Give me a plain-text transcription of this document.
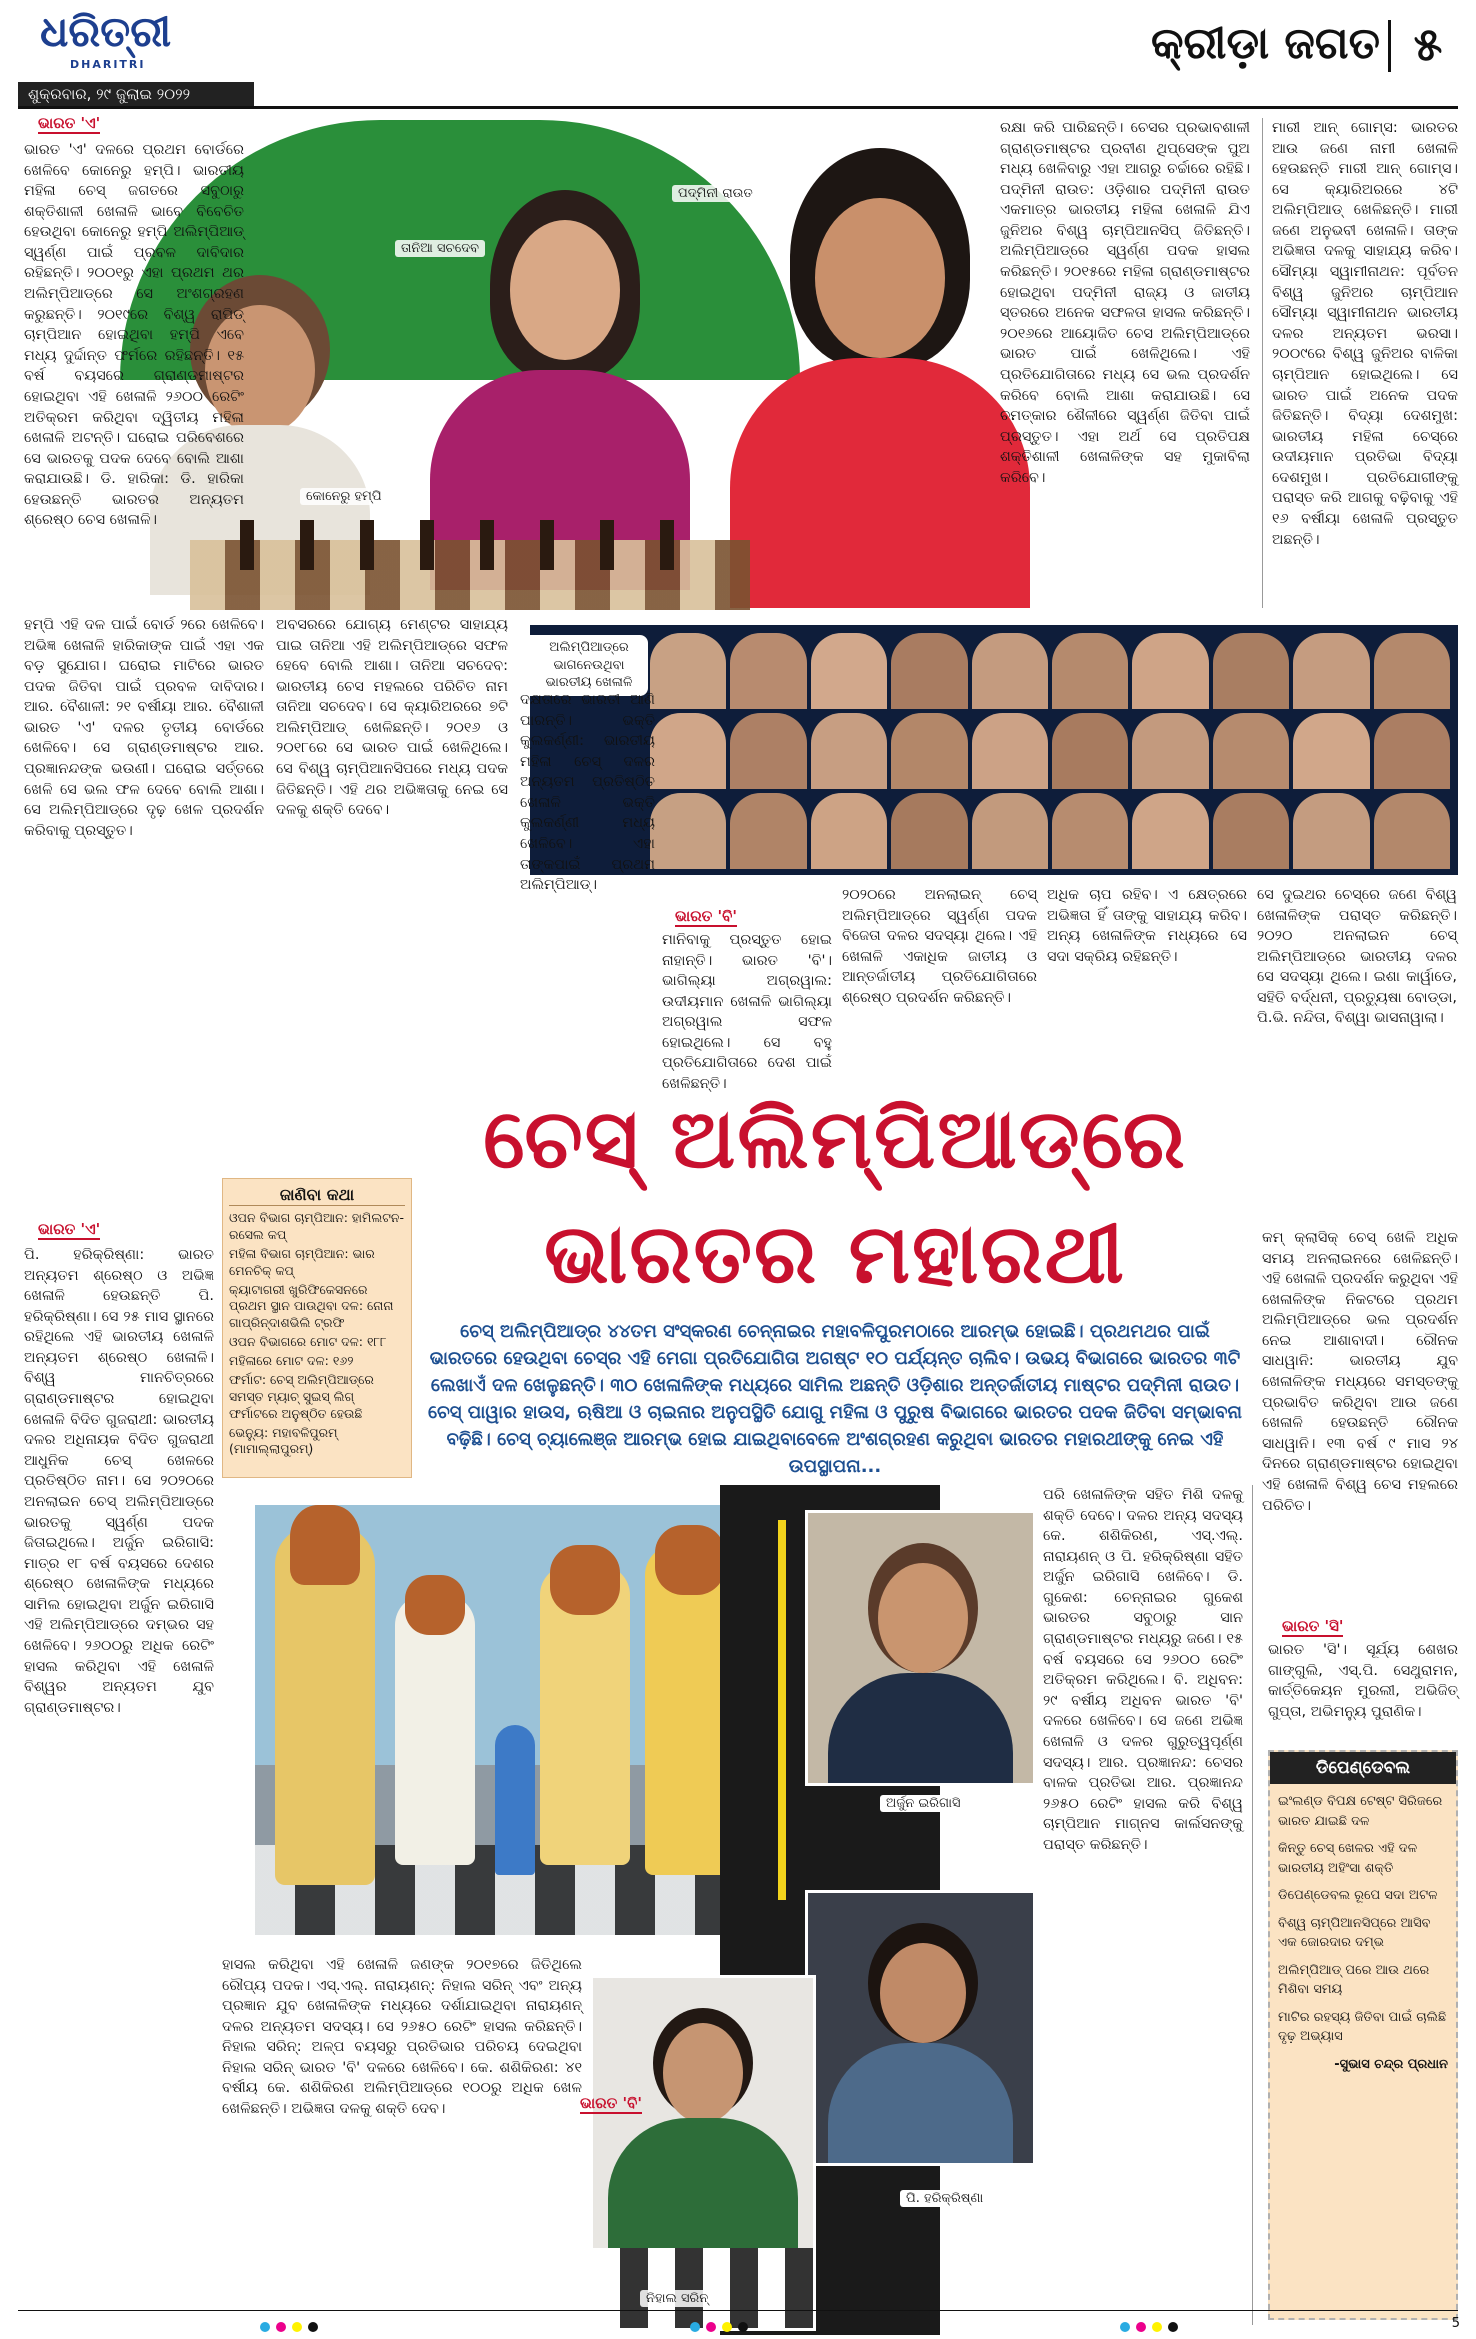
ଧରିତ୍ରୀ
DHARITRI
ଶୁକ୍ରବାର, ୨୯ ଜୁଲାଇ ୨୦୨୨
କ୍ରୀଡ଼ା ଜଗତ ୫
କୋନେରୁ ହମ୍ପି
ତାନିଆ ସଚଦେବ
ପଦ୍ମିନୀ ରାଉତ
ଭାରତ 'ଏ'
ଭାରତ 'ଏ' ଦଳରେ ପ୍ରଥମ ବୋର୍ଡରେ ଖେଳିବେ କୋନେରୁ ହମ୍ପି। ଭାରତୀୟ ମହିଳା ଚେସ୍ ଜଗତରେ ସବୁଠାରୁ ଶକ୍ତିଶାଳୀ ଖେଳାଳି ଭାବେ ବିବେଚିତ ହେଉଥିବା କୋନେରୁ ହମ୍ପି ଅଲିମ୍ପିଆଡ୍ ସ୍ୱର୍ଣ୍ଣ ପାଇଁ ପ୍ରବଳ ଦାବିଦାର ରହିଛନ୍ତି। ୨୦୦୧ରୁ ଏହା ପ୍ରଥମ ଥର ଅଲିମ୍ପିଆଡ୍‌ରେ ସେ ଅଂଶଗ୍ରହଣ କରୁଛନ୍ତି। ୨୦୧୯ରେ ବିଶ୍ୱ ରାପିଡ୍ ଚାମ୍ପିଆନ ହୋଇଥିବା ହମ୍ପି ଏବେ ମଧ୍ୟ ଦୁର୍ଦ୍ଦାନ୍ତ ଫର୍ମରେ ରହିଛନ୍ତି। ୧୫ ବର୍ଷ ବୟସରେ ଗ୍ରାଣ୍ଡମାଷ୍ଟର ହୋଇଥିବା ଏହି ଖେଳାଳି ୨୬୦୦ ରେଟିଂ ଅତିକ୍ରମ କରିଥିବା ଦ୍ୱିତୀୟ ମହିଳା ଖେଳାଳି ଅଟନ୍ତି। ଘରୋଇ ପରିବେଶରେ ସେ ଭାରତକୁ ପଦକ ଦେବେ ବୋଲି ଆଶା କରାଯାଉଛି। ଡି. ହାରିକା: ଡି. ହାରିକା ହେଉଛନ୍ତି ଭାରତର ଅନ୍ୟତମ ଶ୍ରେଷ୍ଠ ଚେସ ଖେଳାଳି।
ରକ୍ଷା କରି ପାରିଛନ୍ତି। ଚେସର ପ୍ରଭାବଶାଳୀ ଗ୍ରାଣ୍ଡମାଷ୍ଟର ପ୍ରବୀଣ ଥିପ୍‌ସେଙ୍କ ପୁଅ ମଧ୍ୟ ଖେଳିବାରୁ ଏହା ଆଗରୁ ଚର୍ଚ୍ଚାରେ ରହିଛି। ପଦ୍ମିନୀ ରାଉତ: ଓଡ଼ିଶାର ପଦ୍ମିନୀ ରାଉତ ଏକମାତ୍ର ଭାରତୀୟ ମହିଳା ଖେଳାଳି ଯିଏ ଜୁନିଅର ବିଶ୍ୱ ଚାମ୍ପିଆନସିପ୍ ଜିତିଛନ୍ତି। ଅଲିମ୍ପିଆଡ୍‌ରେ ସ୍ୱର୍ଣ୍ଣ ପଦକ ହାସଲ କରିଛନ୍ତି। ୨୦୧୫ରେ ମହିଳା ଗ୍ରାଣ୍ଡମାଷ୍ଟର ହୋଇଥିବା ପଦ୍ମିନୀ ରାଜ୍ୟ ଓ ଜାତୀୟ ସ୍ତରରେ ଅନେକ ସଫଳତା ହାସଲ କରିଛନ୍ତି। ୨୦୧୬ରେ ଆୟୋଜିତ ଚେସ ଅଲିମ୍ପିଆଡ୍‌ରେ ଭାରତ ପାଇଁ ଖେଳିଥିଲେ। ଏହି ପ୍ରତିଯୋଗିତାରେ ମଧ୍ୟ ସେ ଭଲ ପ୍ରଦର୍ଶନ କରିବେ ବୋଲି ଆଶା କରାଯାଉଛି। ସେ ଚମତ୍କାର ଶୈଳୀରେ ସ୍ୱର୍ଣ୍ଣ ଜିତିବା ପାଇଁ ପ୍ରସ୍ତୁତ। ଏହା ଅର୍ଥ ସେ ପ୍ରତିପକ୍ଷ ଶକ୍ତିଶାଳୀ ଖେଳାଳିଙ୍କ ସହ ମୁକାବିଲା କରିବେ।
ମାରୀ ଆନ୍ ଗୋମ୍ସ: ଭାରତର ଆଉ ଜଣେ ନାମୀ ଖେଳାଳି ହେଉଛନ୍ତି ମାରୀ ଆନ୍ ଗୋମ୍ସ। ସେ କ୍ୟାରିଅରରେ ୪ଟି ଅଲିମ୍ପିଆଡ୍ ଖେଳିଛନ୍ତି। ମାରୀ ଜଣେ ଅନୁଭବୀ ଖେଳାଳି। ତାଙ୍କ ଅଭିଜ୍ଞତା ଦଳକୁ ସାହାଯ୍ୟ କରିବ। ସୌମ୍ୟା ସ୍ୱାମୀନାଥନ: ପୂର୍ବତନ ବିଶ୍ୱ ଜୁନିଅର ଚାମ୍ପିଆନ ସୌମ୍ୟା ସ୍ୱାମୀନାଥନ ଭାରତୀୟ ଦଳର ଅନ୍ୟତମ ଭରସା। ୨୦୦୯ରେ ବିଶ୍ୱ ଜୁନିଅର ବାଳିକା ଚାମ୍ପିଆନ ହୋଇଥିଲେ। ସେ ଭାରତ ପାଇଁ ଅନେକ ପଦକ ଜିତିଛନ୍ତି। ବିଦ୍ୟା ଦେଶମୁଖ: ଭାରତୀୟ ମହିଳା ଚେସ୍‌ରେ ଉଦୀୟମାନ ପ୍ରତିଭା ବିଦ୍ୟା ଦେଶମୁଖ। ପ୍ରତିଯୋଗୀଙ୍କୁ ପରାସ୍ତ କରି ଆଗକୁ ବଢ଼ିବାକୁ ଏହି ୧୬ ବର୍ଷୀୟା ଖେଳାଳି ପ୍ରସ୍ତୁତ ଅଛନ୍ତି।
ଅଲିମ୍ପିଆଡ୍‌ରେ ଭାଗନେଉଥିବା ଭାରତୀୟ ଖେଳାଳି
ହମ୍ପି ଏହି ଦଳ ପାଇଁ ବୋର୍ଡ ୨ରେ ଖେଳିବେ। ଅଭିଜ୍ଞ ଖେଳାଳି ହାରିକାଙ୍କ ପାଇଁ ଏହା ଏକ ବଡ଼ ସୁଯୋଗ। ଘରୋଇ ମାଟିରେ ଭାରତ ପଦକ ଜିତିବା ପାଇଁ ପ୍ରବଳ ଦାବିଦାର। ଆର. ବୈଶାଳୀ: ୨୧ ବର୍ଷୀୟା ଆର. ବୈଶାଳୀ ଭାରତ 'ଏ' ଦଳର ତୃତୀୟ ବୋର୍ଡରେ ଖେଳିବେ। ସେ ଗ୍ରାଣ୍ଡମାଷ୍ଟର ଆର. ପ୍ରଜ୍ଞାନନ୍ଦଙ୍କ ଭଉଣୀ। ଘରୋଇ ସର୍ତ୍ତରେ ଖେଳି ସେ ଭଲ ଫଳ ଦେବେ ବୋଲି ଆଶା। ସେ ଅଲିମ୍ପିଆଡ୍‌ରେ ଦୃଢ଼ ଖେଳ ପ୍ରଦର୍ଶନ କରିବାକୁ ପ୍ରସ୍ତୁତ।
ଅବସରରେ ଯୋଗ୍ୟ ମେଣ୍ଟର ସାହାଯ୍ୟ ପାଇ ତାନିଆ ଏହି ଅଲିମ୍ପିଆଡ୍‌ରେ ସଫଳ ହେବେ ବୋଲି ଆଶା। ତାନିଆ ସଚଦେବ: ଭାରତୀୟ ଚେସ ମହଲରେ ପରିଚିତ ନାମ ତାନିଆ ସଚଦେବ। ସେ କ୍ୟାରିଅରରେ ୭ଟି ଅଲିମ୍ପିଆଡ୍ ଖେଳିଛନ୍ତି। ୨୦୧୬ ଓ ୨୦୧୮ରେ ସେ ଭାରତ ପାଇଁ ଖେଳିଥିଲେ। ସେ ବିଶ୍ୱ ଚାମ୍ପିଆନସିପରେ ମଧ୍ୟ ପଦକ ଜିତିଛନ୍ତି। ଏହି ଥର ଅଭିଜ୍ଞତାକୁ ନେଇ ସେ ଦଳକୁ ଶକ୍ତି ଦେବେ।
ଦକ୍ଷତାରେ ଭାରତୀ ଆଣି ପାରନ୍ତି। ଭକ୍ତି କୁଲକର୍ଣ୍ଣୀ: ଭାରତୀୟ ମହିଳା ଚେସ୍ ଦଳର ଅନ୍ୟତମ ପ୍ରତିଷ୍ଠିତ ଖେଳାଳି ଭକ୍ତି କୁଲକର୍ଣ୍ଣୀ ମଧ୍ୟ ଖେଳିବେ। ଏହା ତାଙ୍କପାଇଁ ପ୍ରଥମ ଅଲିମ୍ପିଆଡ୍।
ଭାରତ 'ବି'
ମାନିବାକୁ ପ୍ରସ୍ତୁତ ହୋଇ ନାହାନ୍ତି। ଭାରତ 'ବି'। ଭାଗିଲ୍ୟା ଅଗ୍ରୱାଲ: ଉଦୀୟମାନ ଖେଳାଳି ଭାଗିଲ୍ୟା ଅଗ୍ରୱାଲ ସଫଳ ହୋଇଥିଲେ। ସେ ବହୁ ପ୍ରତିଯୋଗିତାରେ ଦେଶ ପାଇଁ ଖେଳିଛନ୍ତି।
୨୦୨୦ରେ ଅନଲାଇନ୍ ଚେସ୍ ଅଲିମ୍ପିଆଡ୍‌ରେ ସ୍ୱର୍ଣ୍ଣ ପଦକ ବିଜେତା ଦଳର ସଦସ୍ୟା ଥିଲେ। ଏହି ଖେଳାଳି ଏକାଧିକ ଜାତୀୟ ଓ ଆନ୍ତର୍ଜାତୀୟ ପ୍ରତିଯୋଗିତାରେ ଶ୍ରେଷ୍ଠ ପ୍ରଦର୍ଶନ କରିଛନ୍ତି।
ଅଧିକ ଚାପ ରହିବ। ଏ କ୍ଷେତ୍ରରେ ଅଭିଜ୍ଞତା ହିଁ ତାଙ୍କୁ ସାହାଯ୍ୟ କରିବ। ଅନ୍ୟ ଖେଳାଳିଙ୍କ ମଧ୍ୟରେ ସେ ସଦା ସକ୍ରିୟ ରହିଛନ୍ତି।
ସେ ଦୁଇଥର ଚେସ୍‌ରେ ଜଣେ ବିଶ୍ୱ ଖେଳାଳିଙ୍କ ପରାସ୍ତ କରିଛନ୍ତି। ୨୦୨୦ ଅନଲାଇନ ଚେସ୍ ଅଲିମ୍ପିଆଡ୍‌ରେ ଭାରତୀୟ ଦଳର ସେ ସଦସ୍ୟା ଥିଲେ। ଇଶା କାର୍ୱାଡେ, ସହିତି ବର୍ଦ୍ଧନୀ, ପ୍ରତ୍ୟୁଷା ବୋଡ୍ଡା, ପି.ଭି. ନନ୍ଦିତା, ବିଶ୍ୱା ଭାସନାୱାଲା।
ଚେସ୍ ଅଲିମ୍ପିଆଡ୍‌ରେ
ଭାରତର ମହାରଥୀ
ଜାଣିବା କଥା
ଓପନ ବିଭାଗ ଚାମ୍ପିଆନ: ହାମିଲଟନ-ରସେଲ କପ୍
ମହିଳା ବିଭାଗ ଚାମ୍ପିଆନ: ଭାର ମେନଚିକ୍ କପ୍
କ୍ୟାଟାଗରୀ ଖୁରିଫିକେସନରେ ପ୍ରଥମ ସ୍ଥାନ ପାଉଥିବା ଦଳ: ନୋନା ଗାପ୍ରିନ୍‌ଦାଶଭିଲି ଟ୍ରଫି
ଓପନ ବିଭାଗରେ ମୋଟ ଦଳ: ୧୮୮
ମହିଳାରେ ମୋଟ ଦଳ: ୧୬୨
ଫର୍ମାଟ: ଚେସ୍ ଅଲିମ୍ପିଆଡ୍‌ରେ ସମସ୍ତ ମ୍ୟାଚ୍ ସୁଇସ୍ ଲିଗ୍ ଫର୍ମାଟରେ ଅନୁଷ୍ଠିତ ହେଉଛି
ଭେନ୍ୟୁ: ମହାବଳିପୁରମ୍ (ମାମାଲ୍ଲାପୁରମ୍)
ଚେସ୍ ଅଲିମ୍ପିଆଡ୍‌ର ୪୪ତମ ସଂସ୍କରଣ ଚେନ୍ନାଇର ମହାବଳିପୁରମଠାରେ ଆରମ୍ଭ ହୋଇଛି। ପ୍ରଥମଥର ପାଇଁ ଭାରତରେ ହେଉଥିବା ଚେସ୍‌ର ଏହି ମେଗା ପ୍ରତିଯୋଗିତା ଅଗଷ୍ଟ ୧୦ ପର୍ଯ୍ୟନ୍ତ ଚାଲିବ। ଉଭୟ ବିଭାଗରେ ଭାରତର ୩ଟି ଲେଖାଏଁ ଦଳ ଖେଳୁଛନ୍ତି। ୩୦ ଖେଳାଳିଙ୍କ ମଧ୍ୟରେ ସାମିଲ ଅଛନ୍ତି ଓଡ଼ିଶାର ଅନ୍ତର୍ଜାତୀୟ ମାଷ୍ଟର ପଦ୍ମିନୀ ରାଉତ। ଚେସ୍ ପାୱାର ହାଉସ, ଋଷିଆ ଓ ଚାଇନାର ଅନୁପସ୍ଥିତି ଯୋଗୁ ମହିଳା ଓ ପୁରୁଷ ବିଭାଗରେ ଭାରତର ପଦକ ଜିତିବା ସମ୍ଭାବନା ବଢ଼ିଛି। ଚେସ୍ ଚ୍ୟାଲେଞ୍ଜ ଆରମ୍ଭ ହୋଇ ଯାଇଥିବାବେଳେ ଅଂଶଗ୍ରହଣ କରୁଥିବା ଭାରତର ମହାରଥୀଙ୍କୁ ନେଇ ଏହି ଉପସ୍ଥାପନା...
ଭାରତ 'ଏ'
ପି. ହରିକ୍ରିଷ୍ଣା: ଭାରତ ଅନ୍ୟତମ ଶ୍ରେଷ୍ଠ ଓ ଅଭିଜ୍ଞ ଖେଳାଳି ହେଉଛନ୍ତି ପି. ହରିକ୍ରିଷ୍ଣା। ସେ ୨୫ ମାସ ସ୍ଥାନରେ ରହିଥିଲେ ଏହି ଭାରତୀୟ ଖେଳାଳି ଅନ୍ୟତମ ଶ୍ରେଷ୍ଠ ଖେଳାଳି। ବିଶ୍ୱ ମାନଚିତ୍ରରେ ଗ୍ରାଣ୍ଡମାଷ୍ଟର ହୋଇଥିବା ଖେଳାଳି ବିଦିତ ଗୁଜରାଥୀ: ଭାରତୀୟ ଦଳର ଅଧିନାୟକ ବିଦିତ ଗୁଜରାଥୀ ଆଧୁନିକ ଚେସ୍ ଖେଳରେ ପ୍ରତିଷ୍ଠିତ ନାମ। ସେ ୨୦୨୦ରେ ଅନଲାଇନ ଚେସ୍ ଅଲିମ୍ପିଆଡ୍‌ରେ ଭାରତକୁ ସ୍ୱର୍ଣ୍ଣ ପଦକ ଜିତାଇଥିଲେ। ଅର୍ଜୁନ ଇରିଗାସି: ମାତ୍ର ୧୮ ବର୍ଷ ବୟସରେ ଦେଶର ଶ୍ରେଷ୍ଠ ଖେଳାଳିଙ୍କ ମଧ୍ୟରେ ସାମିଲ ହୋଇଥିବା ଅର୍ଜୁନ ଇରିଗାସି ଏହି ଅଲିମ୍ପିଆଡ୍‌ରେ ଦମ୍ଭର ସହ ଖେଳିବେ। ୨୬୦୦ରୁ ଅଧିକ ରେଟିଂ ହାସଲ କରିଥିବା ଏହି ଖେଳାଳି ବିଶ୍ୱର ଅନ୍ୟତମ ଯୁବ ଗ୍ରାଣ୍ଡମାଷ୍ଟର।
ଅର୍ଜୁନ ଇରିଗାସି
ପି. ହରିକ୍ରିଷ୍ଣା
ନିହାଲ ସରିନ୍
ହାସଲ କରିଥିବା ଏହି ଖେଳାଳି ଜଣଙ୍କ ୨୦୧୭ରେ ଜିତିଥିଲେ ରୌପ୍ୟ ପଦକ। ଏସ୍.ଏଲ୍. ନାରାୟଣନ୍: ନିହାଲ ସରିନ୍ ଏବଂ ଅନ୍ୟ ପ୍ରଜ୍ଞାନ ଯୁବ ଖେଳାଳିଙ୍କ ମଧ୍ୟରେ ଦର୍ଶାଯାଇଥିବା ନାରାୟଣନ୍ ଦଳର ଅନ୍ୟତମ ସଦସ୍ୟ। ସେ ୨୬୫୦ ରେଟିଂ ହାସଲ କରିଛନ୍ତି। ନିହାଲ ସରିନ୍: ଅଳ୍ପ ବୟସରୁ ପ୍ରତିଭାର ପରିଚୟ ଦେଇଥିବା ନିହାଲ ସରିନ୍ ଭାରତ 'ବି' ଦଳରେ ଖେଳିବେ। କେ. ଶଶିକିରଣ: ୪୧ ବର୍ଷୀୟ କେ. ଶଶିକିରଣ ଅଲିମ୍ପିଆଡ୍‌ରେ ୧୦୦ରୁ ଅଧିକ ଖେଳ ଖେଳିଛନ୍ତି। ଅଭିଜ୍ଞତା ଦଳକୁ ଶକ୍ତି ଦେବ।	ଭାରତ 'ବି'
ପରି ଖେଳାଳିଙ୍କ ସହିତ ମିଶି ଦଳକୁ ଶକ୍ତି ଦେବେ। ଦଳର ଅନ୍ୟ ସଦସ୍ୟ କେ. ଶଶିକିରଣ, ଏସ୍.ଏଲ୍. ନାରାୟଣନ୍ ଓ ପି. ହରିକ୍ରିଷ୍ଣା ସହିତ ଅର୍ଜୁନ ଇରିଗାସି ଖେଳିବେ। ଡି. ଗୁକେଶ: ଚେନ୍ନାଇର ଗୁକେଶ ଭାରତର ସବୁଠାରୁ ସାନ ଗ୍ରାଣ୍ଡମାଷ୍ଟର ମଧ୍ୟରୁ ଜଣେ। ୧୫ ବର୍ଷ ବୟସରେ ସେ ୨୬୦୦ ରେଟିଂ ଅତିକ୍ରମ କରିଥିଲେ। ବି. ଅଧିବନ: ୨୯ ବର୍ଷୀୟ ଅଧିବନ ଭାରତ 'ବି' ଦଳରେ ଖେଳିବେ। ସେ ଜଣେ ଅଭିଜ୍ଞ ଖେଳାଳି ଓ ଦଳର ଗୁରୁତ୍ୱପୂର୍ଣ୍ଣ ସଦସ୍ୟ। ଆର. ପ୍ରଜ୍ଞାନନ୍ଦ: ଚେସର ବାଳକ ପ୍ରତିଭା ଆର. ପ୍ରଜ୍ଞାନନ୍ଦ ୨୬୫୦ ରେଟିଂ ହାସଲ କରି ବିଶ୍ୱ ଚାମ୍ପିଆନ ମାଗ୍ନସ କାର୍ଲସନଙ୍କୁ ପରାସ୍ତ କରିଛନ୍ତି।
କମ୍ କ୍ଲାସିକ୍ ଚେସ୍ ଖେଳି ଅଧିକ ସମୟ ଅନଲାଇନରେ ଖେଳିଛନ୍ତି। ଏହି ଖେଳାଳି ପ୍ରଦର୍ଶନ କରୁଥିବା ଏହି ଖେଳାଳିଙ୍କ ନିକଟରେ ପ୍ରଥମ ଅଲିମ୍ପିଆଡ୍‌ରେ ଭଲ ପ୍ରଦର୍ଶନ ନେଇ ଆଶାବାଦୀ। ରୌନକ ସାଧୱାନି: ଭାରତୀୟ ଯୁବ ଖେଳାଳିଙ୍କ ମଧ୍ୟରେ ସମସ୍ତଙ୍କୁ ପ୍ରଭାବିତ କରିଥିବା ଆଉ ଜଣେ ଖେଳାଳି ହେଉଛନ୍ତି ରୌନକ ସାଧୱାନି। ୧୩ ବର୍ଷ ୯ ମାସ ୨୪ ଦିନରେ ଗ୍ରାଣ୍ଡମାଷ୍ଟର ହୋଇଥିବା ଏହି ଖେଳାଳି ବିଶ୍ୱ ଚେସ ମହଲରେ ପରିଚିତ।
ଭାରତ 'ସି'
ଭାରତ 'ସି'। ସୂର୍ଯ୍ୟ ଶେଖର ଗାଙ୍ଗୁଲି, ଏସ୍.ପି. ସେଥୁରାମନ, କାର୍ତ୍ତିକେୟନ ମୁରଲୀ, ଅଭିଜିତ୍ ଗୁପ୍ତା, ଅଭିମନ୍ୟୁ ପୁରାଣିକ।
ଡିପେଣ୍ଡେବଲ
ଇଂଲଣ୍ଡ ବିପକ୍ଷ ଟେଷ୍ଟ ସିରିଜରେ ଭାରତ ଯାଇଛି ଦଳ
କିନ୍ତୁ ଚେସ୍ ଖେଳର ଏହି ଦଳ ଭାରତୀୟ ଅହିଂସା ଶକ୍ତି
ଡିପେଣ୍ଡେବଲ ରୂପେ ସଦା ଅଟଳ
ବିଶ୍ୱ ଚାମ୍ପିଆନସିପ୍‌ରେ ଆସିବ ଏକ ଜୋରଦାର ଦମ୍ଭ
ଅଲିମ୍ପିଆଡ୍ ପରେ ଆଉ ଥରେ ମିଶିବା ସମୟ
ମାଟିର ରହସ୍ୟ ଜିତିବା ପାଇଁ ଚାଲିଛି ଦୃଢ଼ ଅଭ୍ୟାସ
-ସୁଭାସ ଚନ୍ଦ୍ର ପ୍ରଧାନ
5
